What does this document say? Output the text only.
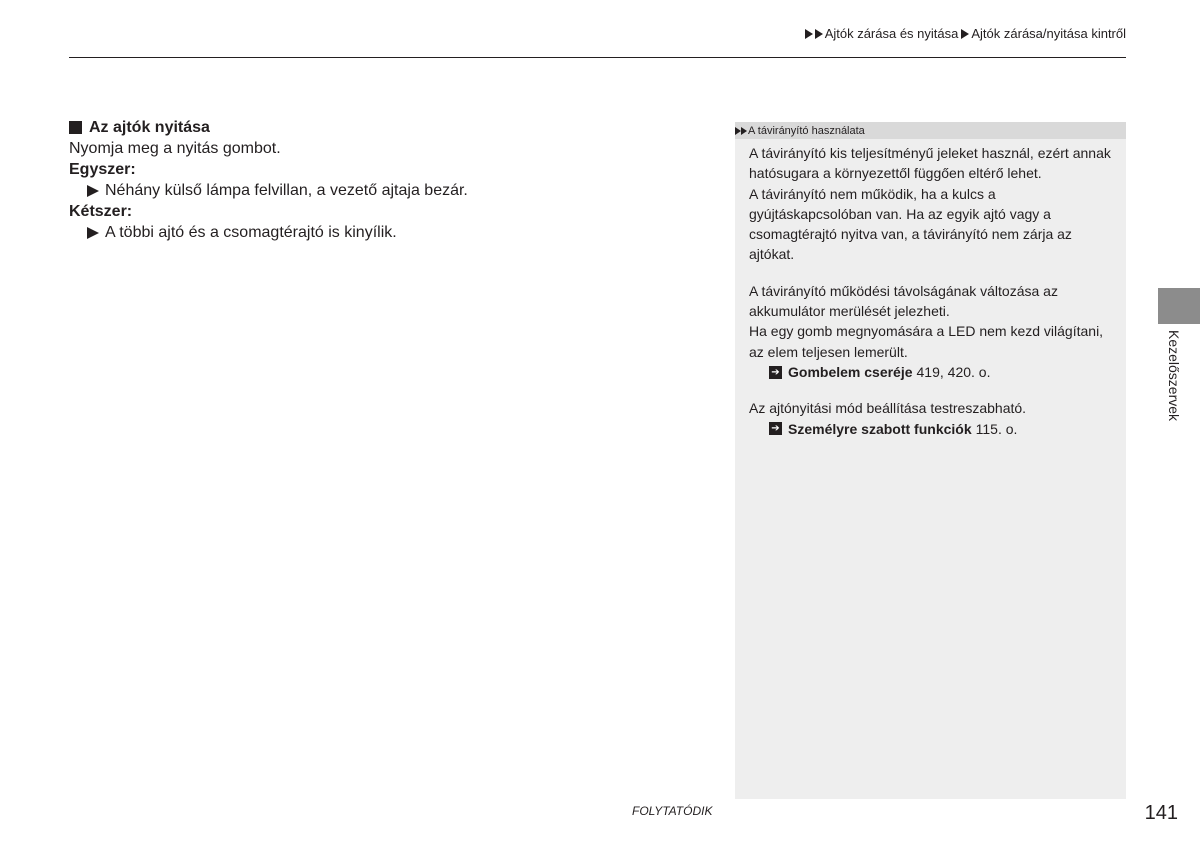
Ajtók zárása és nyitása Ajtók zárása/nyitása kintről
Az ajtók nyitása
Nyomja meg a nyitás gombot.
Egyszer:
Néhány külső lámpa felvillan, a vezető ajtaja bezár.
Kétszer:
A többi ajtó és a csomagtérajtó is kinyílik.
A távirányító használata

A távirányító kis teljesítményű jeleket használ, ezért annak

hatósugara a környezettől függően eltérő lehet.

A távirányító nem működik, ha a kulcs a

gyújtáskapcsolóban van. Ha az egyik ajtó vagy a

csomagtérajtó nyitva van, a távirányító nem zárja az

ajtókat.

A távirányító működési távolságának változása az

akkumulátor merülését jelezheti.

Ha egy gomb megnyomására a LED nem kezd világítani,

az elem teljesen lemerült.

➔ Gombelem cseréje 419, 420. o.

Az ajtónyitási mód beállítása testreszabható.

➔ Személyre szabott funkciók 115. o.
Kezelőszervek
FOLYTATÓDIK	141
